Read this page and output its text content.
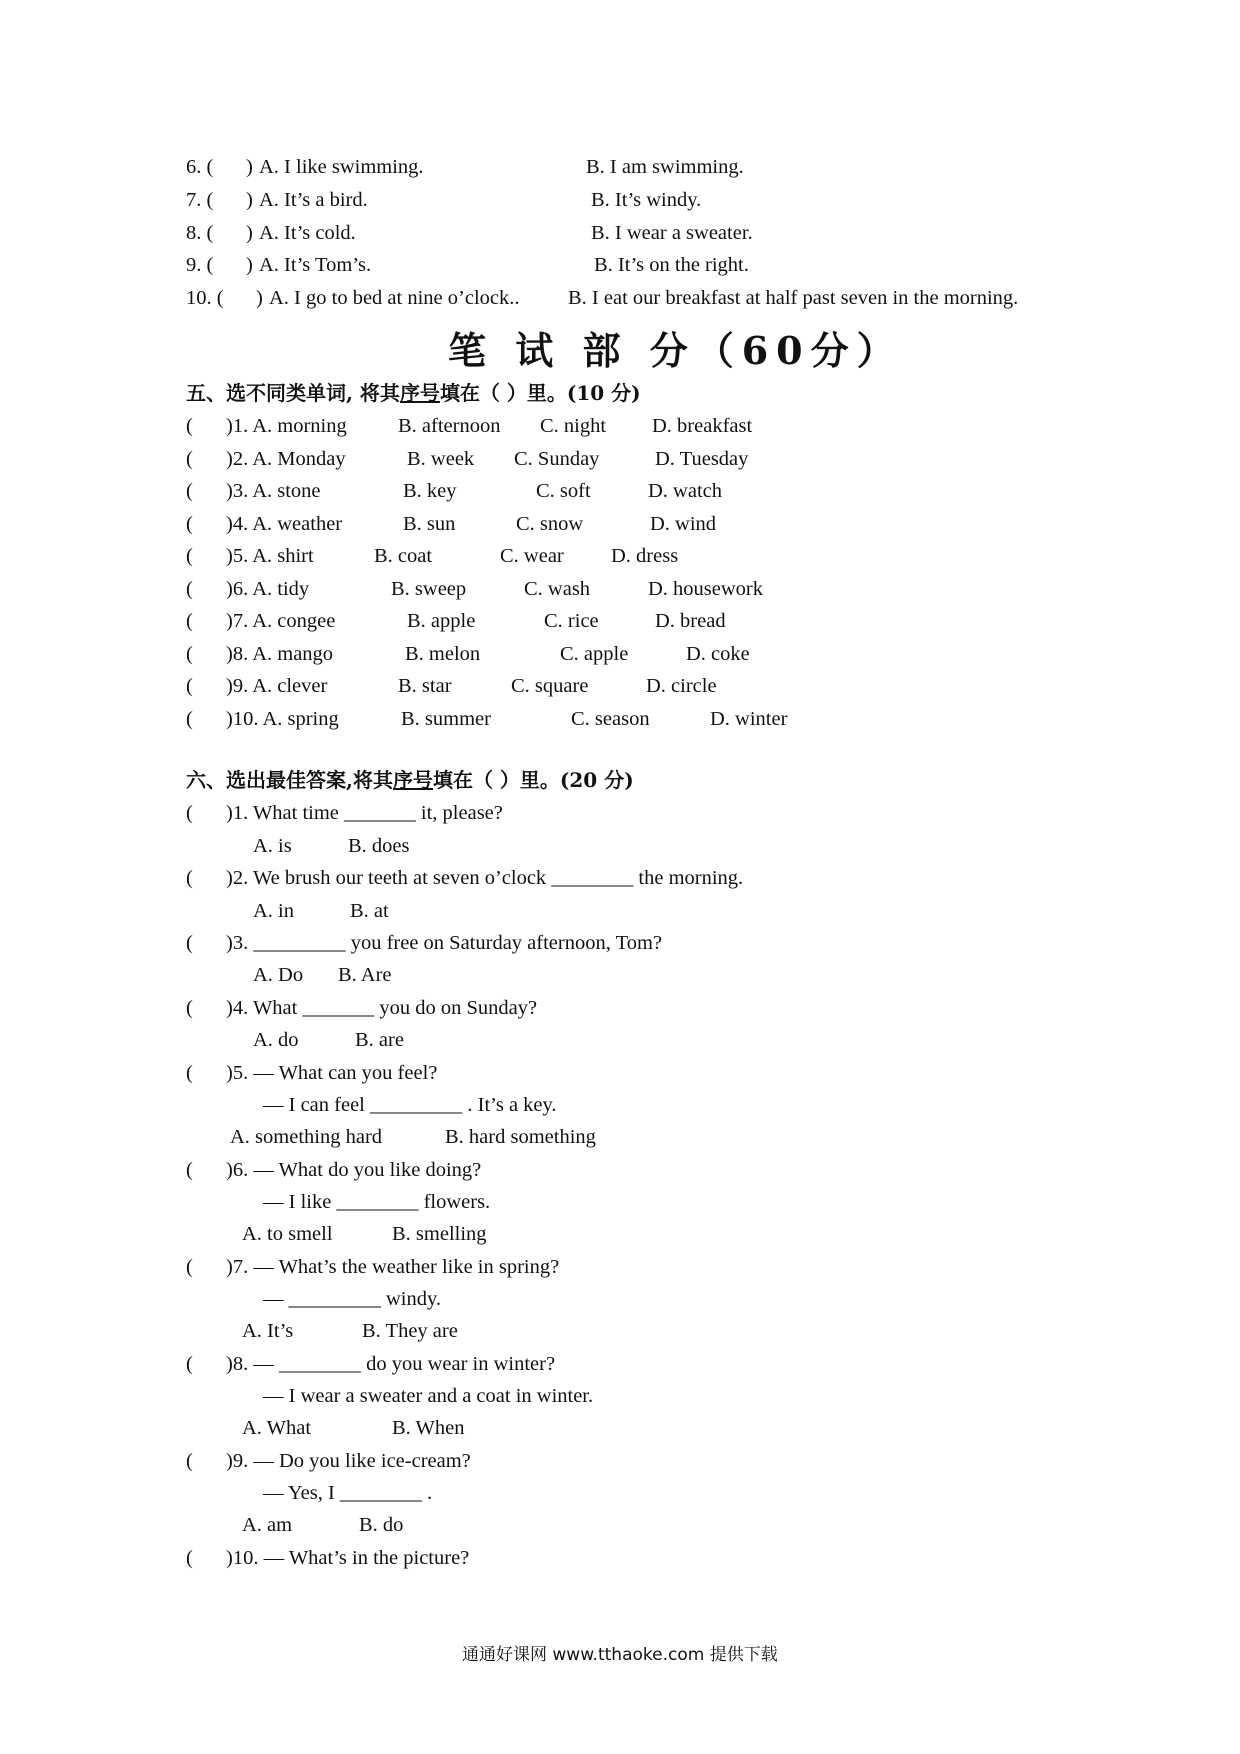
6. ( ) A. I like swimming.	B. I am swimming.
7. ( ) A. It’s a bird.	B. It’s windy.
8. ( ) A. It’s cold.	B. I wear a sweater.
9. ( ) A. It’s Tom’s.	B. It’s on the right.
10. ( ) A. I go to bed at nine o’clock.. B. I eat our breakfast at half past seven in the morning.
笔 试 部 分（60分）
五、选不同类单词, 将其序号填在（ ）里。(10 分)
( )1. A. morning	B. afternoon C. night D. breakfast
( )2. A. Monday	B. week C. Sunday	D. Tuesday
( )3. A. stone	B. key	C. soft	D. watch
( )4. A. weather	B. sun	C. snow	D. wind
( )5. A. shirt	B. coat	C. wear D. dress
( )6. A. tidy	B. sweep	C. wash	D. housework
( )7. A. congee	B. apple	C. rice	D. bread
( )8. A. mango	B. melon	C. apple	D. coke
( )9. A. clever	B. star	C. square	D. circle
( )10. A. spring	B. summer	C. season	D. winter
六、选出最佳答案,将其序号填在（ ）里。(20 分)
( )1. What time _______ it, please?
A. is	B. does
( )2. We brush our teeth at seven o’clock ________ the morning.
A. in	B. at
( )3. _________ you free on Saturday afternoon, Tom?
A. Do B. Are
( )4. What _______ you do on Sunday?
A. do	B. are
( )5. — What can you feel?
— I can feel _________ . It’s a key.
A. something hard	B. hard something
( )6. — What do you like doing?
— I like ________ flowers.
A. to smell	B. smelling
( )7. — What’s the weather like in spring?
— _________ windy.
A. It’s	B. They are
( )8. — ________ do you wear in winter?
— I wear a sweater and a coat in winter.
A. What	B. When
( )9. — Do you like ice-cream?
— Yes, I ________ .
A. am	B. do
( )10. — What’s in the picture?
通通好课网 www.tthaoke.com 提供下载
